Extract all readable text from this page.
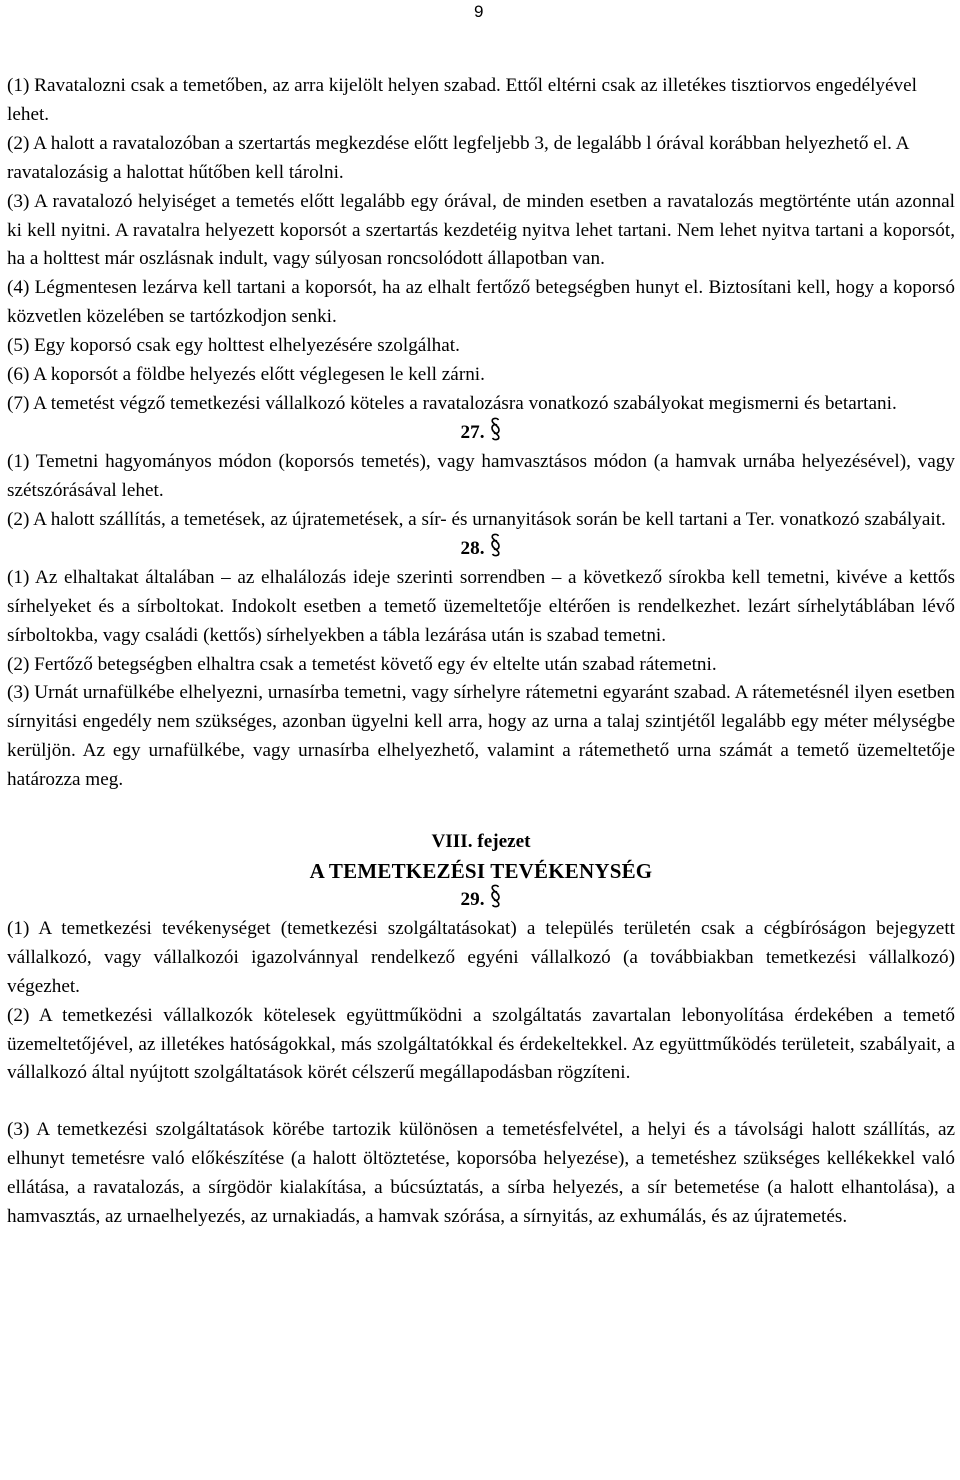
9

(1) Ravatalozni csak a temetőben, az arra kijelölt helyen szabad. Ettől eltérni csak az illetékes tisztiorvos engedélyével lehet.

(2) A halott a ravatalozóban a szertartás megkezdése előtt legfeljebb 3, de legalább l órával korábban helyezhető el. A ravatalozásig a halottat hűtőben kell tárolni.

(3) A ravatalozó helyiséget a temetés előtt legalább egy órával, de minden esetben a ravatalozás megtörténte után azonnal ki kell nyitni. A ravatalra helyezett koporsót a szertartás kezdetéig nyitva lehet tartani. Nem lehet nyitva tartani a koporsót, ha a holttest már oszlásnak indult, vagy súlyosan roncsolódott állapotban van.

(4) Légmentesen lezárva kell tartani a koporsót, ha az elhalt fertőző betegségben hunyt el. Biztosítani kell, hogy a koporsó közvetlen közelében se tartózkodjon senki.

(5) Egy koporsó csak egy holttest elhelyezésére szolgálhat.

(6) A koporsót a földbe helyezés előtt véglegesen le kell zárni.

(7) A temetést végző temetkezési vállalkozó köteles a ravatalozásra vonatkozó szabályokat megismerni és betartani.

27.

(1) Temetni hagyományos módon (koporsós temetés), vagy hamvasztásos módon (a hamvak urnába helyezésével), vagy szétszórásával lehet.

(2) A halott szállítás, a temetések, az újratemetések, a sír- és urnanyitások során be kell tartani a Ter. vonatkozó szabályait.

28.

(1) Az elhaltakat általában – az elhalálozás ideje szerinti sorrendben – a következő sírokba kell temetni, kivéve a kettős sírhelyeket és a sírboltokat. Indokolt esetben a temető üzemeltetője eltérően is rendelkezhet. lezárt sírhelytáblában lévő sírboltokba, vagy családi (kettős) sírhelyekben a tábla lezárása után is szabad temetni.

(2) Fertőző betegségben elhaltra csak a temetést követő egy év eltelte után szabad rátemetni.

(3) Urnát urnafülkébe elhelyezni, urnasírba temetni, vagy sírhelyre rátemetni egyaránt szabad. A rátemetésnél ilyen esetben sírnyitási engedély nem szükséges, azonban ügyelni kell arra, hogy az urna a talaj szintjétől legalább egy méter mélységbe kerüljön. Az egy urnafülkébe, vagy urnasírba elhelyezhető, valamint a rátemethető urna számát a temető üzemeltetője határozza meg.

VIII. fejezet
A TEMETKEZÉSI TEVÉKENYSÉG
29.

(1) A temetkezési tevékenységet (temetkezési szolgáltatásokat) a település területén csak a cégbíróságon bejegyzett vállalkozó, vagy vállalkozói igazolvánnyal rendelkező egyéni vállalkozó (a továbbiakban temetkezési vállalkozó) végezhet.

(2) A temetkezési vállalkozók kötelesek együttműködni a szolgáltatás zavartalan lebonyolítása érdekében a temető üzemeltetőjével, az illetékes hatóságokkal, más szolgáltatókkal és érdekeltekkel. Az együttműködés területeit, szabályait, a vállalkozó által nyújtott szolgáltatások körét célszerű megállapodásban rögzíteni.

(3) A temetkezési szolgáltatások körébe tartozik különösen a temetésfelvétel, a helyi és a távolsági halott szállítás, az elhunyt temetésre való előkészítése (a halott öltöztetése, koporsóba helyezése), a temetéshez szükséges kellékekkel való ellátása, a ravatalozás, a sírgödör kialakítása, a búcsúztatás, a sírba helyezés, a sír betemetése (a halott elhantolása), a hamvasztás, az urnaelhelyezés, az urnakiadás, a hamvak szórása, a sírnyitás, az exhumálás, és az újratemetés.
